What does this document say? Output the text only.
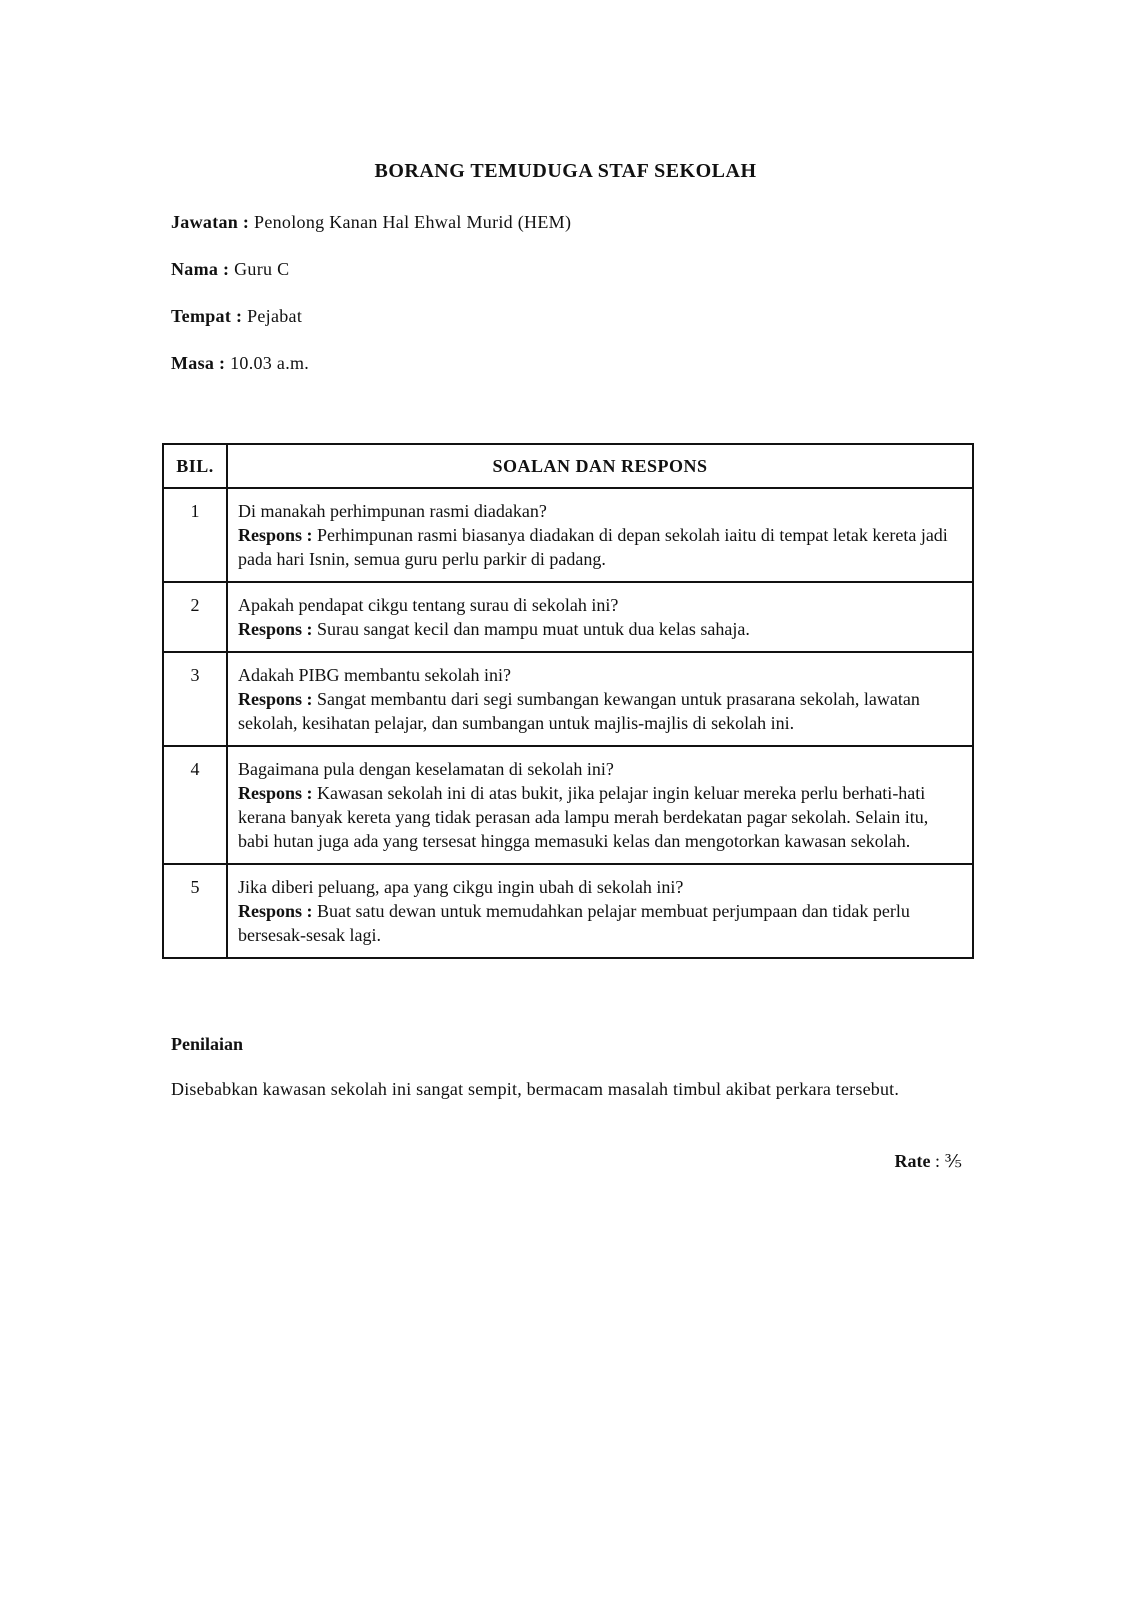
BORANG TEMUDUGA STAF SEKOLAH
Jawatan : Penolong Kanan Hal Ehwal Murid (HEM)
Nama : Guru C
Tempat : Pejabat
Masa : 10.03 a.m.
BIL.	SOALAN DAN RESPONS
1	Di manakah perhimpunan rasmi diadakan?
Respons : Perhimpunan rasmi biasanya diadakan di depan sekolah iaitu di tempat letak kereta jadi pada hari Isnin, semua guru perlu parkir di padang.
2	Apakah pendapat cikgu tentang surau di sekolah ini?
Respons : Surau sangat kecil dan mampu muat untuk dua kelas sahaja.
3	Adakah PIBG membantu sekolah ini?
Respons : Sangat membantu dari segi sumbangan kewangan untuk prasarana sekolah, lawatan sekolah, kesihatan pelajar, dan sumbangan untuk majlis-majlis di sekolah ini.
4	Bagaimana pula dengan keselamatan di sekolah ini?
Respons : Kawasan sekolah ini di atas bukit, jika pelajar ingin keluar mereka perlu berhati-hati kerana banyak kereta yang tidak perasan ada lampu merah berdekatan pagar sekolah. Selain itu, babi hutan juga ada yang tersesat hingga memasuki kelas dan mengotorkan kawasan sekolah.
5	Jika diberi peluang, apa yang cikgu ingin ubah di sekolah ini?
Respons : Buat satu dewan untuk memudahkan pelajar membuat perjumpaan dan tidak perlu bersesak-sesak lagi.
Penilaian
Disebabkan kawasan sekolah ini sangat sempit, bermacam masalah timbul akibat perkara tersebut.
Rate : ⅗
